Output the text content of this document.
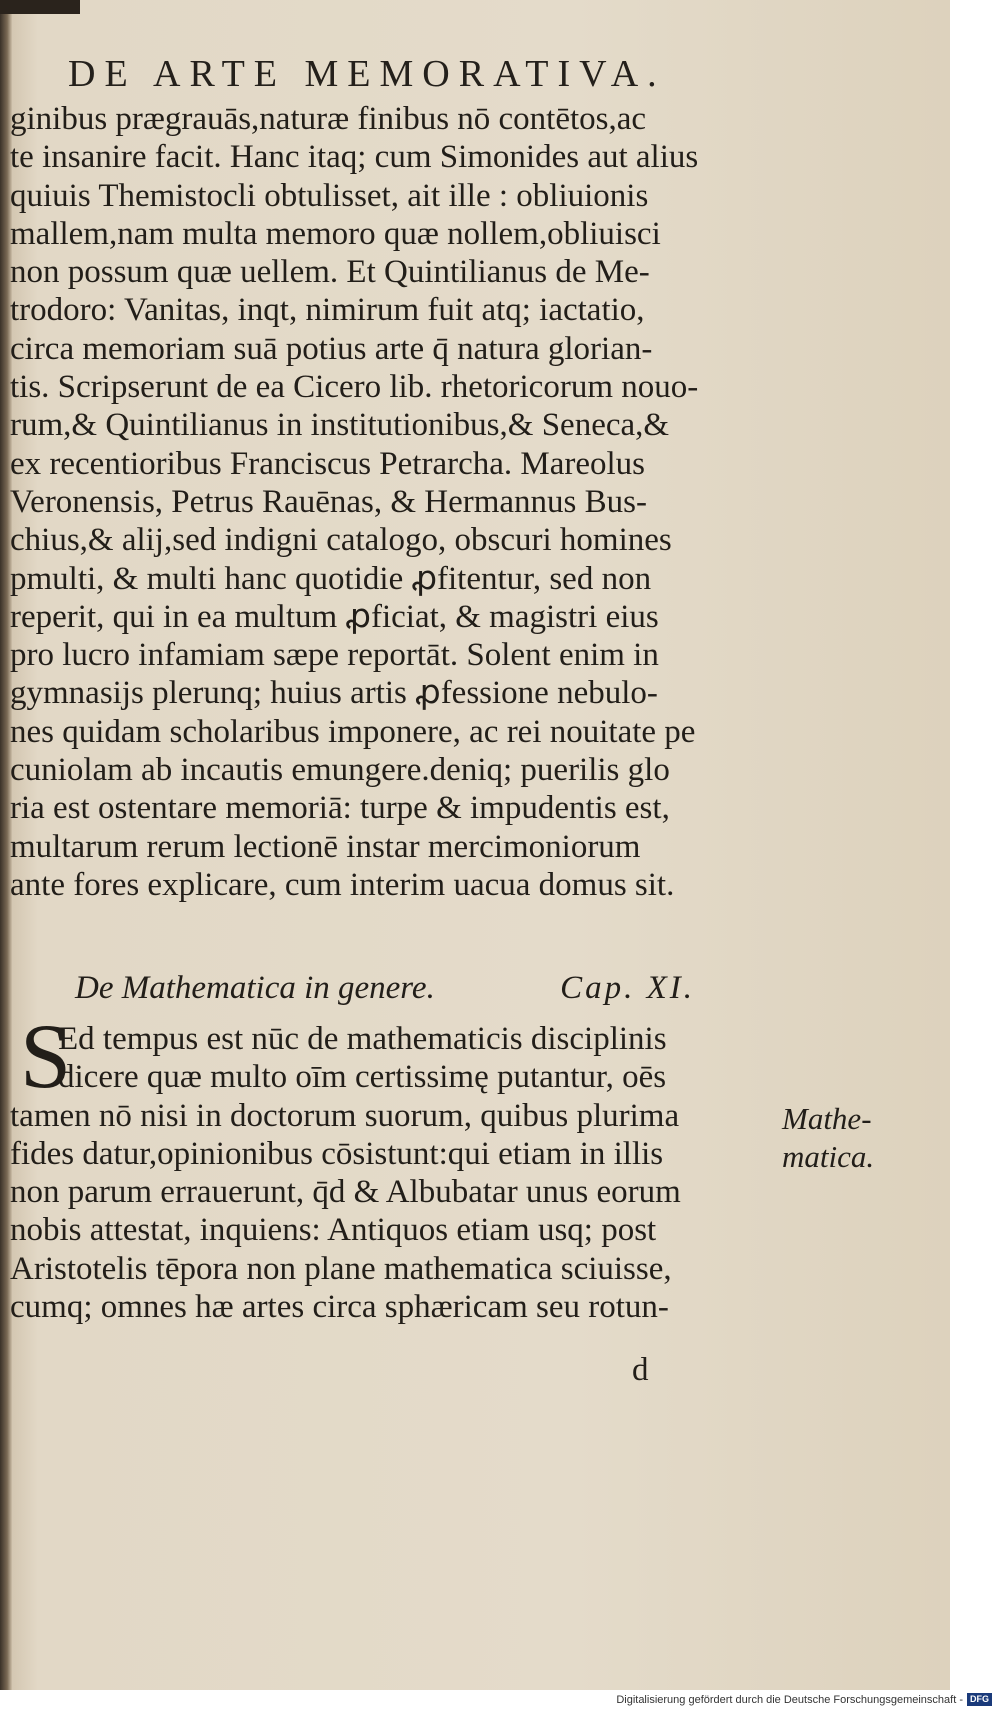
DE ARTE MEMORATIVA.
ginibus prægrauās,naturæ finibus nō contētos,ac
te insanire facit. Hanc itaq; cum Simonides aut alius
quiuis Themistocli obtulisset, ait ille : obliuionis
mallem,nam multa memoro quæ nollem,obliuisci
non possum quæ uellem. Et Quintilianus de Me-
trodoro: Vanitas, inqt, nimirum fuit atq; iactatio,
circa memoriam suā potius arte q̄ natura glorian-
tis. Scripserunt de ea Cicero lib. rhetoricorum nouo-
rum,& Quintilianus in institutionibus,& Seneca,&
ex recentioribus Franciscus Petrarcha. Mareolus
Veronensis, Petrus Rauēnas, & Hermannus Bus-
chius,& alij,sed indigni catalogo, obscuri homines
pmulti, & multi hanc quotidie ꝓfitentur, sed non
reperit, qui in ea multum ꝓficiat, & magistri eius
pro lucro infamiam sæpe reportāt. Solent enim in
gymnasijs plerunq; huius artis ꝓfessione nebulo-
nes quidam scholaribus imponere, ac rei nouitate pe
cuniolam ab incautis emungere.deniq; puerilis glo
ria est ostentare memoriā: turpe & impudentis est,
multarum rerum lectionē instar mercimoniorum
ante fores explicare, cum interim uacua domus sit.
De Mathematica in genere.	Cap. XI.
S
Ed tempus est nūc de mathematicis disciplinis
dicere quæ multo oīm certissimę putantur, oēs
tamen nō nisi in doctorum suorum, quibus plurima
fides datur,opinionibus cōsistunt:qui etiam in illis
non parum errauerunt, q̄d & Albubatar unus eorum
nobis attestat, inquiens: Antiquos etiam usq; post
Aristotelis tēpora non plane mathematica sciuisse,
cumq; omnes hæ artes circa sphæricam seu rotun-
Mathe-
matica.
d
Digitalisierung gefördert durch die Deutsche Forschungsgemeinschaft - DFG
